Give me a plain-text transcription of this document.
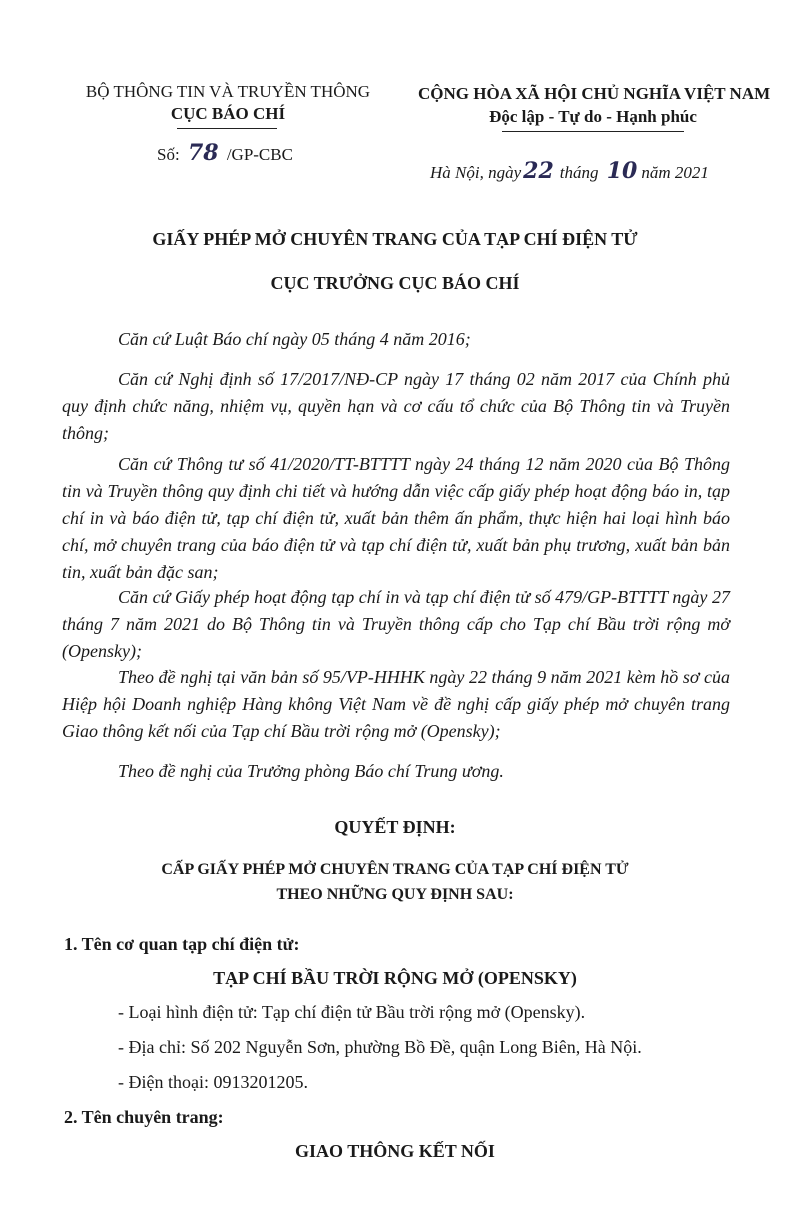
BỘ THÔNG TIN VÀ TRUYỀN THÔNG
CỤC BÁO CHÍ
Số: 78 /GP-CBC
CỘNG HÒA XÃ HỘI CHỦ NGHĨA VIỆT NAM
Độc lập - Tự do - Hạnh phúc
Hà Nội, ngày22 tháng 10 năm 2021
GIẤY PHÉP MỞ CHUYÊN TRANG CỦA TẠP CHÍ ĐIỆN TỬ
CỤC TRƯỞNG CỤC BÁO CHÍ
Căn cứ Luật Báo chí ngày 05 tháng 4 năm 2016;
Căn cứ Nghị định số 17/2017/NĐ-CP ngày 17 tháng 02 năm 2017 của Chính phủ quy định chức năng, nhiệm vụ, quyền hạn và cơ cấu tổ chức của Bộ Thông tin và Truyền thông;
Căn cứ Thông tư số 41/2020/TT-BTTTT ngày 24 tháng 12 năm 2020 của Bộ Thông tin và Truyền thông quy định chi tiết và hướng dẫn việc cấp giấy phép hoạt động báo in, tạp chí in và báo điện tử, tạp chí điện tử, xuất bản thêm ấn phẩm, thực hiện hai loại hình báo chí, mở chuyên trang của báo điện tử và tạp chí điện tử, xuất bản phụ trương, xuất bản bản tin, xuất bản đặc san;
Căn cứ Giấy phép hoạt động tạp chí in và tạp chí điện tử số 479/GP-BTTTT ngày 27 tháng 7 năm 2021 do Bộ Thông tin và Truyền thông cấp cho Tạp chí Bầu trời rộng mở (Opensky);
Theo đề nghị tại văn bản số 95/VP-HHHK ngày 22 tháng 9 năm 2021 kèm hồ sơ của Hiệp hội Doanh nghiệp Hàng không Việt Nam về đề nghị cấp giấy phép mở chuyên trang Giao thông kết nối của Tạp chí Bầu trời rộng mở (Opensky);
Theo đề nghị của Trưởng phòng Báo chí Trung ương.
QUYẾT ĐỊNH:
CẤP GIẤY PHÉP MỞ CHUYÊN TRANG CỦA TẠP CHÍ ĐIỆN TỬ
THEO NHỮNG QUY ĐỊNH SAU:
1. Tên cơ quan tạp chí điện tử:
TẠP CHÍ BẦU TRỜI RỘNG MỞ (OPENSKY)
- Loại hình điện tử: Tạp chí điện tử Bầu trời rộng mở (Opensky).
- Địa chỉ: Số 202 Nguyễn Sơn, phường Bồ Đề, quận Long Biên, Hà Nội.
- Điện thoại: 0913201205.
2. Tên chuyên trang:
GIAO THÔNG KẾT NỐI
